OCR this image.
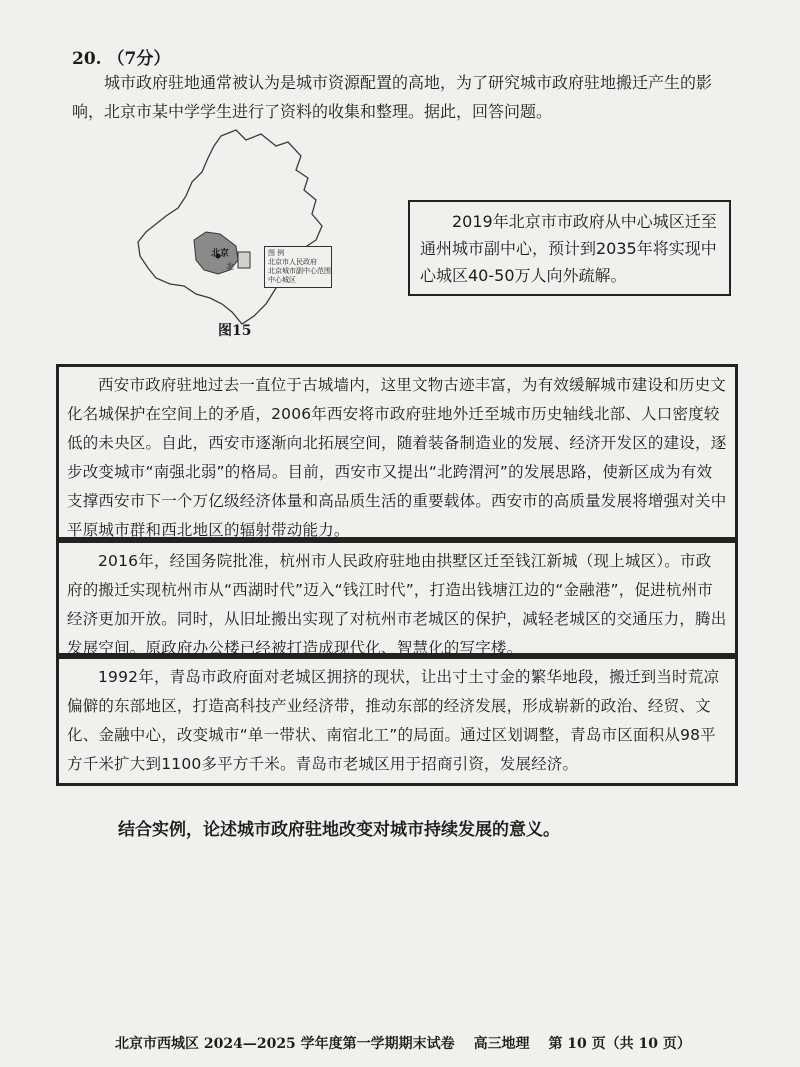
20. （7分）
城市政府驻地通常被认为是城市资源配置的高地，为了研究城市政府驻地搬迁产生的影响，北京市某中学学生进行了资料的收集和整理。据此，回答问题。
北京
北
图 例
北京市人民政府
北京城市副中心范围
中心城区
图15
2019年北京市市政府从中心城区迁至通州城市副中心，预计到2035年将实现中心城区40-50万人向外疏解。
西安市政府驻地过去一直位于古城墙内，这里文物古迹丰富，为有效缓解城市建设和历史文化名城保护在空间上的矛盾，2006年西安将市政府驻地外迁至城市历史轴线北部、人口密度较低的未央区。自此，西安市逐渐向北拓展空间，随着装备制造业的发展、经济开发区的建设，逐步改变城市“南强北弱”的格局。目前，西安市又提出“北跨渭河”的发展思路，使新区成为有效支撑西安市下一个万亿级经济体量和高品质生活的重要载体。西安市的高质量发展将增强对关中平原城市群和西北地区的辐射带动能力。
2016年，经国务院批准，杭州市人民政府驻地由拱墅区迁至钱江新城（现上城区）。市政府的搬迁实现杭州市从“西湖时代”迈入“钱江时代”，打造出钱塘江边的“金融港”，促进杭州市经济更加开放。同时，从旧址搬出实现了对杭州市老城区的保护，减轻老城区的交通压力，腾出发展空间。原政府办公楼已经被打造成现代化、智慧化的写字楼。
1992年，青岛市政府面对老城区拥挤的现状，让出寸土寸金的繁华地段，搬迁到当时荒凉偏僻的东部地区，打造高科技产业经济带，推动东部的经济发展，形成崭新的政治、经贸、文化、金融中心，改变城市“单一带状、南宿北工”的局面。通过区划调整，青岛市区面积从98平方千米扩大到1100多平方千米。青岛市老城区用于招商引资，发展经济。
结合实例，论述城市政府驻地改变对城市持续发展的意义。
北京市西城区 2024—2025 学年度第一学期期末试卷 高三地理 第 10 页（共 10 页）
